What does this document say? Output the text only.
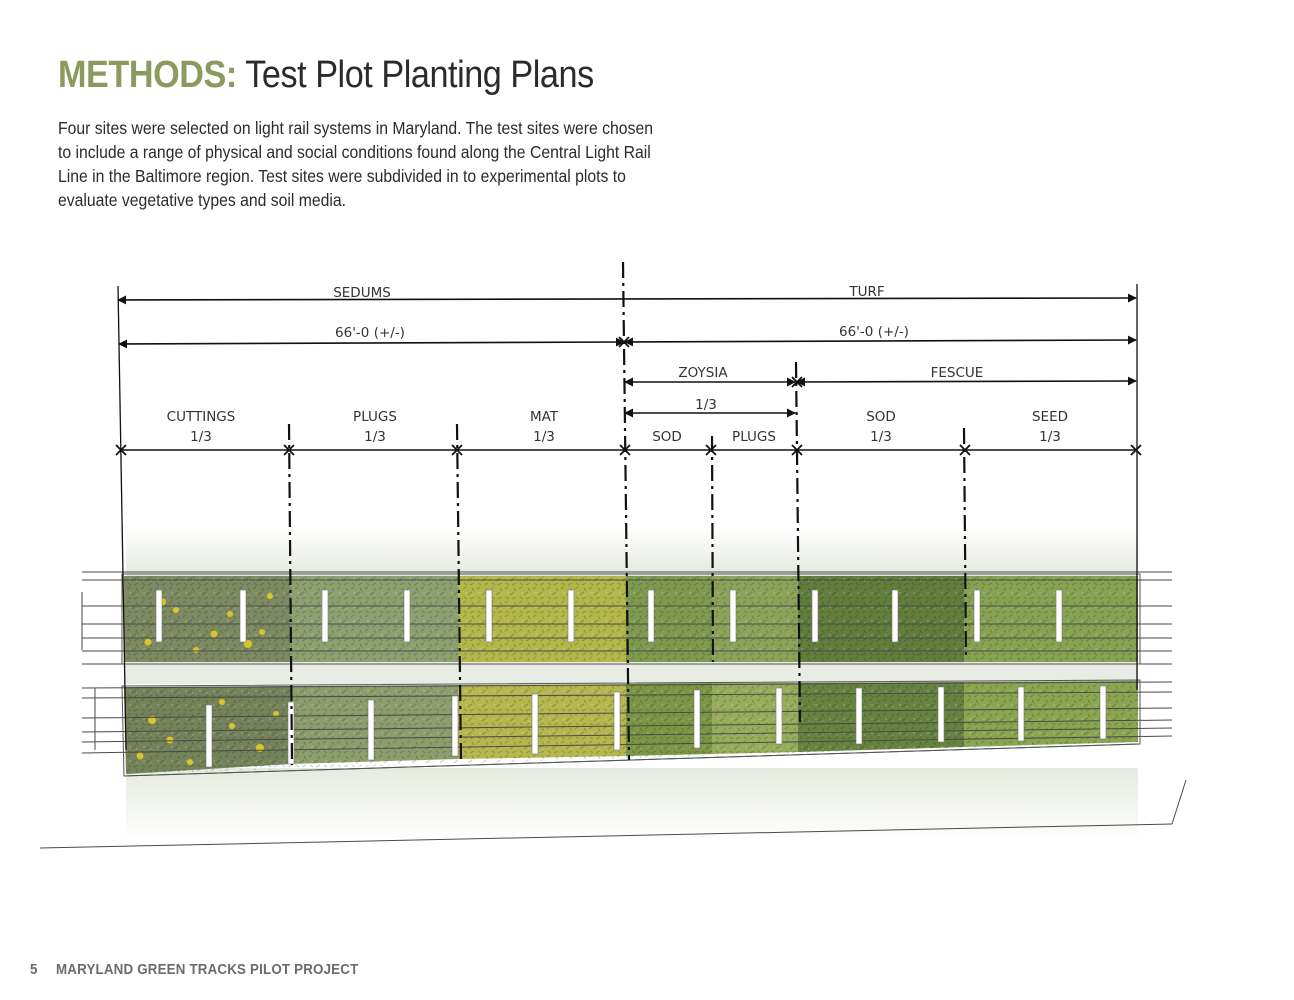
METHODS: Test Plot Planting Plans

Four sites were selected on light rail systems in Maryland. The test sites were chosen

to include a range of physical and social conditions found along the Central Light Rail

Line in the Baltimore region. Test sites were subdivided in to experimental plots to

evaluate vegetative types and soil media.

SEDUMS	TURF
66'-0 (+/-)	66'-0 (+/-)
ZOYSIA	FESCUE
1/3
CUTTINGS
1/3
PLUGS
1/3
MAT
1/3	SOD	PLUGS
SOD
1/3
SEED
1/3
5 MARYLAND GREEN TRACKS PILOT PROJECT
